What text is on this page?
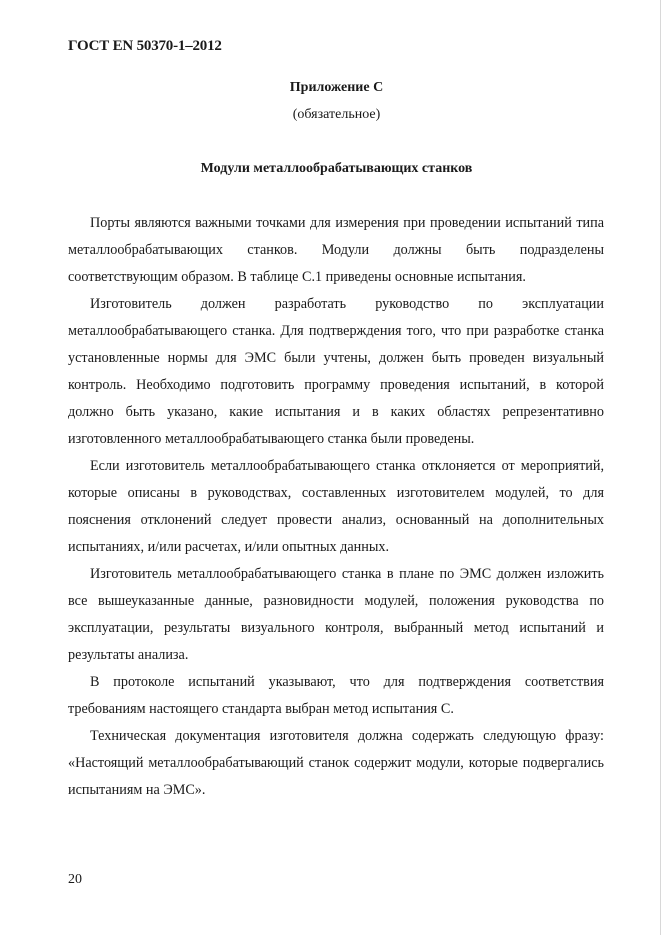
ГОСТ EN 50370-1–2012
Приложение С
(обязательное)
Модули металлообрабатывающих станков

Порты являются важными точками для измерения при проведении испытаний типа металлообрабатывающих станков. Модули должны быть подразделены соответствующим образом. В таблице С.1 приведены основные испытания.

Изготовитель должен разработать руководство по эксплуатации металлообрабатывающего станка. Для подтверждения того, что при разработке станка установленные нормы для ЭМС были учтены, должен быть проведен визуальный контроль. Необходимо подготовить программу проведения испытаний, в которой должно быть указано, какие испытания и в каких областях репрезентативно изготовленного металлообрабатывающего станка были проведены.

Если изготовитель металлообрабатывающего станка отклоняется от мероприятий, которые описаны в руководствах, составленных изготовителем модулей, то для пояснения отклонений следует провести анализ, основанный на дополнительных испытаниях, и/или расчетах, и/или опытных данных.

Изготовитель металлообрабатывающего станка в плане по ЭМС должен изложить все вышеуказанные данные, разновидности модулей, положения руководства по эксплуатации, результаты визуального контроля, выбранный метод испытаний и результаты анализа.

В протоколе испытаний указывают, что для подтверждения соответствия требованиям настоящего стандарта выбран метод испытания С.

Техническая документация изготовителя должна содержать следующую фразу: «Настоящий металлообрабатывающий станок содержит модули, которые подвергались испытаниям на ЭМС».

20
